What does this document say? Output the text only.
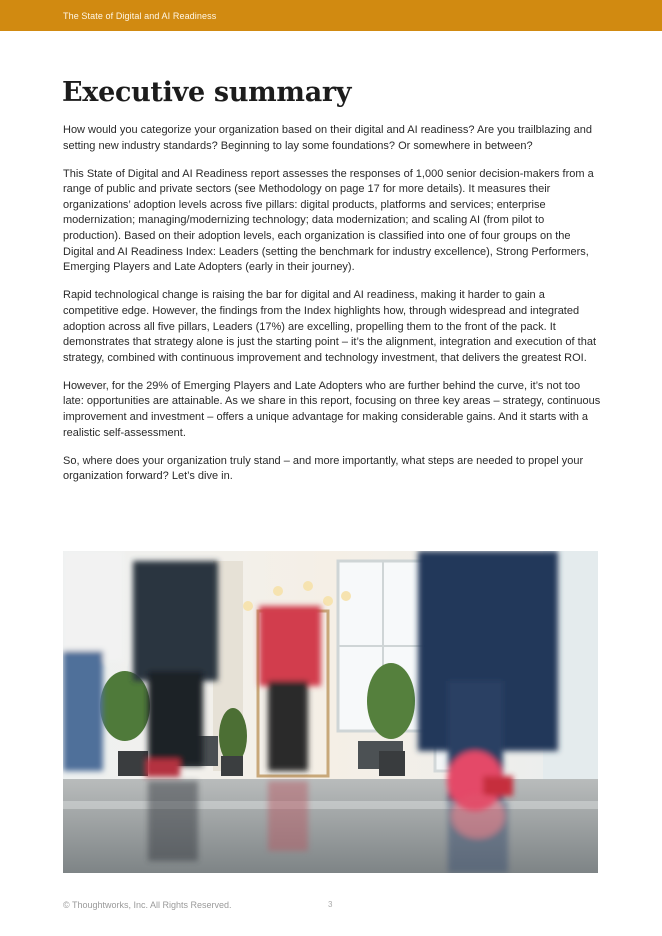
The State of Digital and AI Readiness
Executive summary

How would you categorize your organization based on their digital and AI readiness? Are you trailblazing and setting new industry standards? Beginning to lay some foundations? Or somewhere in between?

This State of Digital and AI Readiness report assesses the responses of 1,000 senior decision-makers from a range of public and private sectors (see Methodology on page 17 for more details). It measures their organizations’ adoption levels across five pillars: digital products, platforms and services; enterprise modernization; managing/modernizing technology; data modernization; and scaling AI (from pilot to production). Based on their adoption levels, each organization is classified into one of four groups on the Digital and AI Readiness Index: Leaders (setting the benchmark for industry excellence), Strong Performers, Emerging Players and Late Adopters (early in their journey).

Rapid technological change is raising the bar for digital and AI readiness, making it harder to gain a competitive edge. However, the findings from the Index highlights how, through widespread and integrated adoption across all five pillars, Leaders (17%) are excelling, propelling them to the front of the pack. It demonstrates that strategy alone is just the starting point – it’s the alignment, integration and execution of that strategy, combined with continuous improvement and technology investment, that delivers the greatest ROI.

However, for the 29% of Emerging Players and Late Adopters who are further behind the curve, it’s not too late: opportunities are attainable. As we share in this report, focusing on three key areas – strategy, continuous improvement and investment – offers a unique advantage for making considerable gains. And it starts with a realistic self-assessment.

So, where does your organization truly stand – and more importantly, what steps are needed to propel your organization forward? Let’s dive in.

© Thoughtworks, Inc. All Rights Reserved.	3
